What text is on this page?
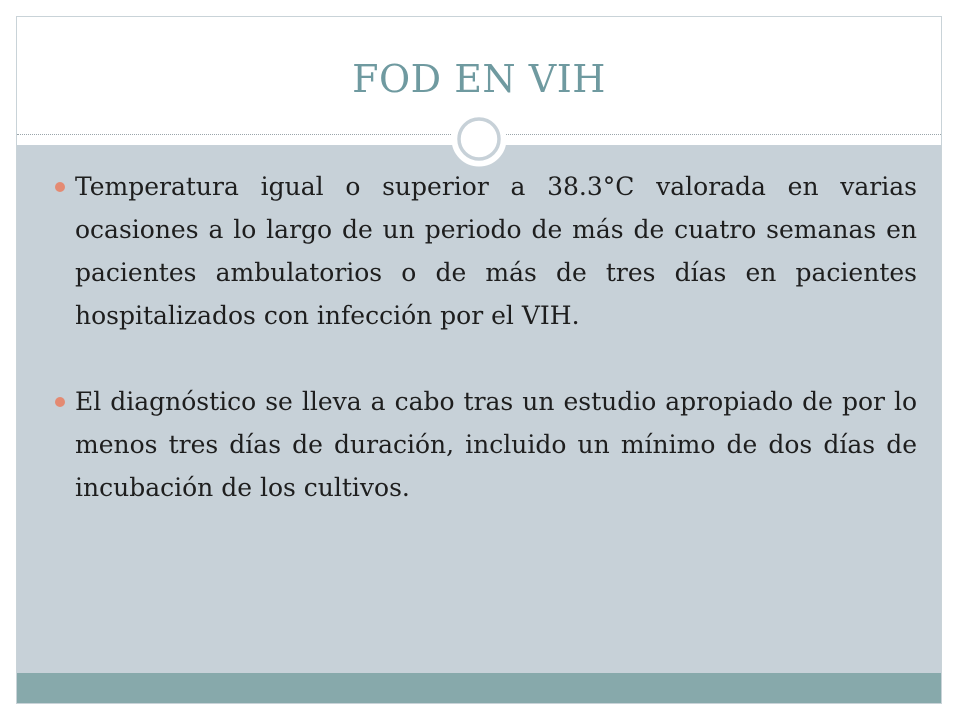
FOD EN VIH
Temperatura igual o superior a 38.3°C valorada en varias ocasiones a lo largo de un periodo de más de cuatro semanas en pacientes ambulatorios o de más de tres días en pacientes hospitalizados con infección por el VIH.
El diagnóstico se lleva a cabo tras un estudio apropiado de por lo menos tres días de duración, incluido un mínimo de dos días de incubación de los cultivos.
